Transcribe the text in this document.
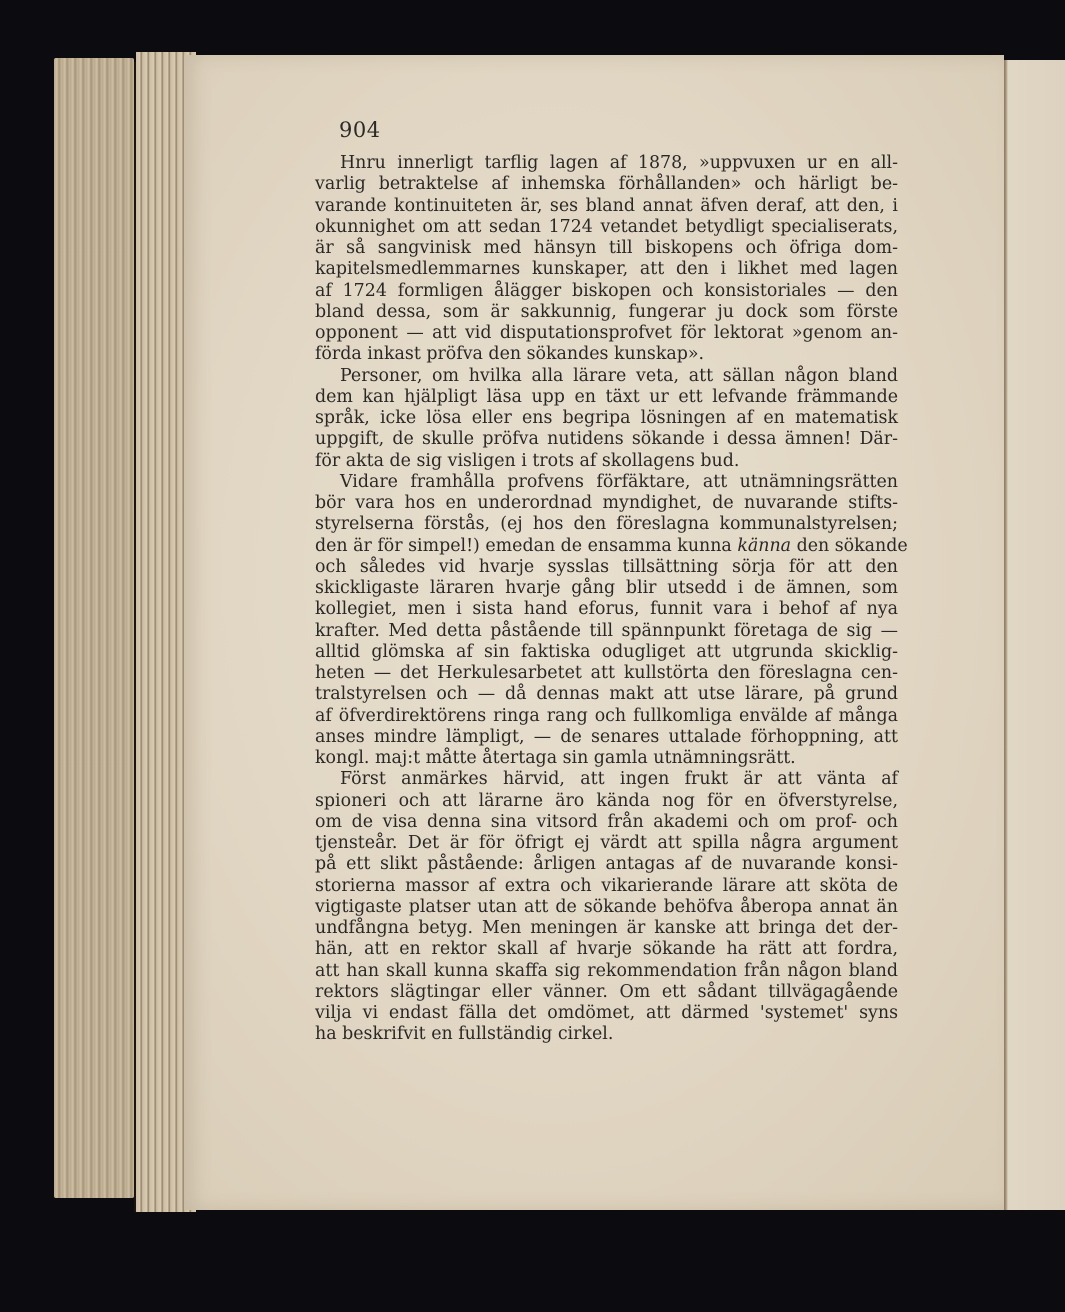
904
Hnru innerligt tarflig lagen af 1878, »uppvuxen ur en all-
varlig betraktelse af inhemska förhållanden» och härligt be-
varande kontinuiteten är, ses bland annat äfven deraf, att den, i
okunnighet om att sedan 1724 vetandet betydligt specialiserats,
är så sangvinisk med hänsyn till biskopens och öfriga dom-
kapitelsmedlemmarnes kunskaper, att den i likhet med lagen
af 1724 formligen ålägger biskopen och konsistoriales — den
bland dessa, som är sakkunnig, fungerar ju dock som förste
opponent — att vid disputationsprofvet för lektorat »genom an-
förda inkast pröfva den sökandes kunskap».
Personer, om hvilka alla lärare veta, att sällan någon bland
dem kan hjälpligt läsa upp en täxt ur ett lefvande främmande
språk, icke lösa eller ens begripa lösningen af en matematisk
uppgift, de skulle pröfva nutidens sökande i dessa ämnen! Där-
för akta de sig visligen i trots af skollagens bud.
Vidare framhålla profvens förfäktare, att utnämningsrätten
bör vara hos en underordnad myndighet, de nuvarande stifts-
styrelserna förstås, (ej hos den föreslagna kommunalstyrelsen;
den är för simpel!) emedan de ensamma kunna känna den sökande
och således vid hvarje sysslas tillsättning sörja för att den
skickligaste läraren hvarje gång blir utsedd i de ämnen, som
kollegiet, men i sista hand eforus, funnit vara i behof af nya
krafter. Med detta påstående till spännpunkt företaga de sig —
alltid glömska af sin faktiska odugliget att utgrunda skicklig-
heten — det Herkulesarbetet att kullstörta den föreslagna cen-
tralstyrelsen och — då dennas makt att utse lärare, på grund
af öfverdirektörens ringa rang och fullkomliga envälde af många
anses mindre lämpligt, — de senares uttalade förhoppning, att
kongl. maj:t måtte återtaga sin gamla utnämningsrätt.
Först anmärkes härvid, att ingen frukt är att vänta af
spioneri och att lärarne äro kända nog för en öfverstyrelse,
om de visa denna sina vitsord från akademi och om prof- och
tjensteår. Det är för öfrigt ej värdt att spilla några argument
på ett slikt påstående: årligen antagas af de nuvarande konsi-
storierna massor af extra och vikarierande lärare att sköta de
vigtigaste platser utan att de sökande behöfva åberopa annat än
undfångna betyg. Men meningen är kanske att bringa det der-
hän, att en rektor skall af hvarje sökande ha rätt att fordra,
att han skall kunna skaffa sig rekommendation från någon bland
rektors slägtingar eller vänner. Om ett sådant tillvägagående
vilja vi endast fälla det omdömet, att därmed 'systemet' syns
ha beskrifvit en fullständig cirkel.
